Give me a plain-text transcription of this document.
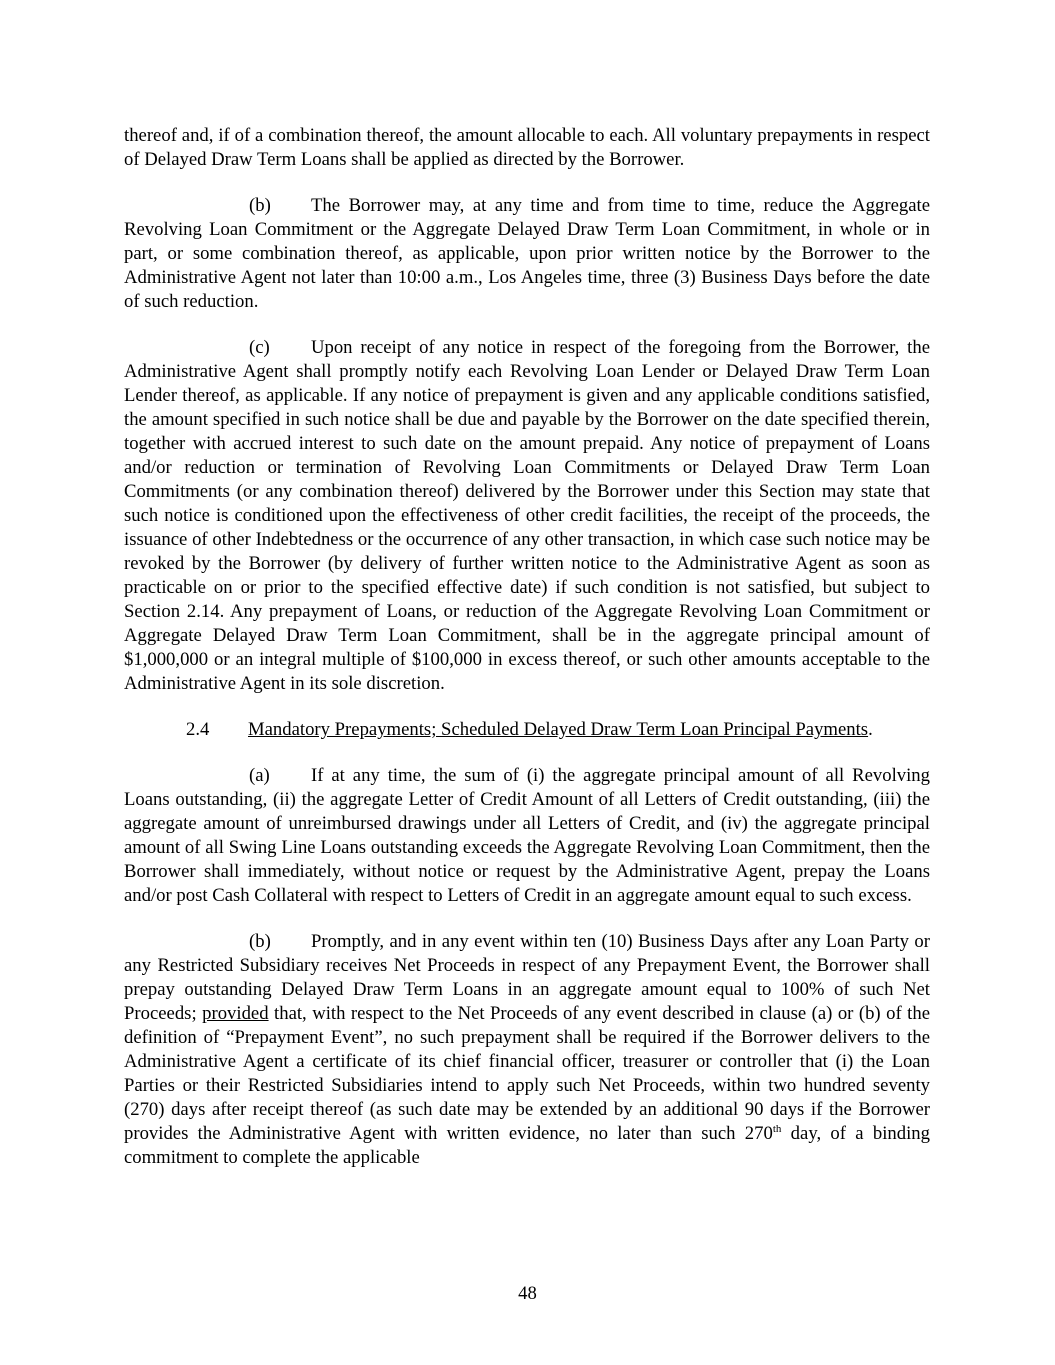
thereof and, if of a combination thereof, the amount allocable to each. All voluntary prepayments in respect of Delayed Draw Term Loans shall be applied as directed by the Borrower.

(b) The Borrower may, at any time and from time to time, reduce the Aggregate Revolving Loan Commitment or the Aggregate Delayed Draw Term Loan Commitment, in whole or in part, or some combination thereof, as applicable, upon prior written notice by the Borrower to the Administrative Agent not later than 10:00 a.m., Los Angeles time, three (3) Business Days before the date of such reduction.

(c) Upon receipt of any notice in respect of the foregoing from the Borrower, the Administrative Agent shall promptly notify each Revolving Loan Lender or Delayed Draw Term Loan Lender thereof, as applicable. If any notice of prepayment is given and any applicable conditions satisfied, the amount specified in such notice shall be due and payable by the Borrower on the date specified therein, together with accrued interest to such date on the amount prepaid. Any notice of prepayment of Loans and/or reduction or termination of Revolving Loan Commitments or Delayed Draw Term Loan Commitments (or any combination thereof) delivered by the Borrower under this Section may state that such notice is conditioned upon the effectiveness of other credit facilities, the receipt of the proceeds, the issuance of other Indebtedness or the occurrence of any other transaction, in which case such notice may be revoked by the Borrower (by delivery of further written notice to the Administrative Agent as soon as practicable on or prior to the specified effective date) if such condition is not satisfied, but subject to Section 2.14. Any prepayment of Loans, or reduction of the Aggregate Revolving Loan Commitment or Aggregate Delayed Draw Term Loan Commitment, shall be in the aggregate principal amount of $1,000,000 or an integral multiple of $100,000 in excess thereof, or such other amounts acceptable to the Administrative Agent in its sole discretion.

2.4 Mandatory Prepayments; Scheduled Delayed Draw Term Loan Principal Payments.

(a) If at any time, the sum of (i) the aggregate principal amount of all Revolving Loans outstanding, (ii) the aggregate Letter of Credit Amount of all Letters of Credit outstanding, (iii) the aggregate amount of unreimbursed drawings under all Letters of Credit, and (iv) the aggregate principal amount of all Swing Line Loans outstanding exceeds the Aggregate Revolving Loan Commitment, then the Borrower shall immediately, without notice or request by the Administrative Agent, prepay the Loans and/or post Cash Collateral with respect to Letters of Credit in an aggregate amount equal to such excess.

(b) Promptly, and in any event within ten (10) Business Days after any Loan Party or any Restricted Subsidiary receives Net Proceeds in respect of any Prepayment Event, the Borrower shall prepay outstanding Delayed Draw Term Loans in an aggregate amount equal to 100% of such Net Proceeds; provided that, with respect to the Net Proceeds of any event described in clause (a) or (b) of the definition of “Prepayment Event”, no such prepayment shall be required if the Borrower delivers to the Administrative Agent a certificate of its chief financial officer, treasurer or controller that (i) the Loan Parties or their Restricted Subsidiaries intend to apply such Net Proceeds, within two hundred seventy (270) days after receipt thereof (as such date may be extended by an additional 90 days if the Borrower provides the Administrative Agent with written evidence, no later than such 270th day, of a binding commitment to complete the applicable

48
